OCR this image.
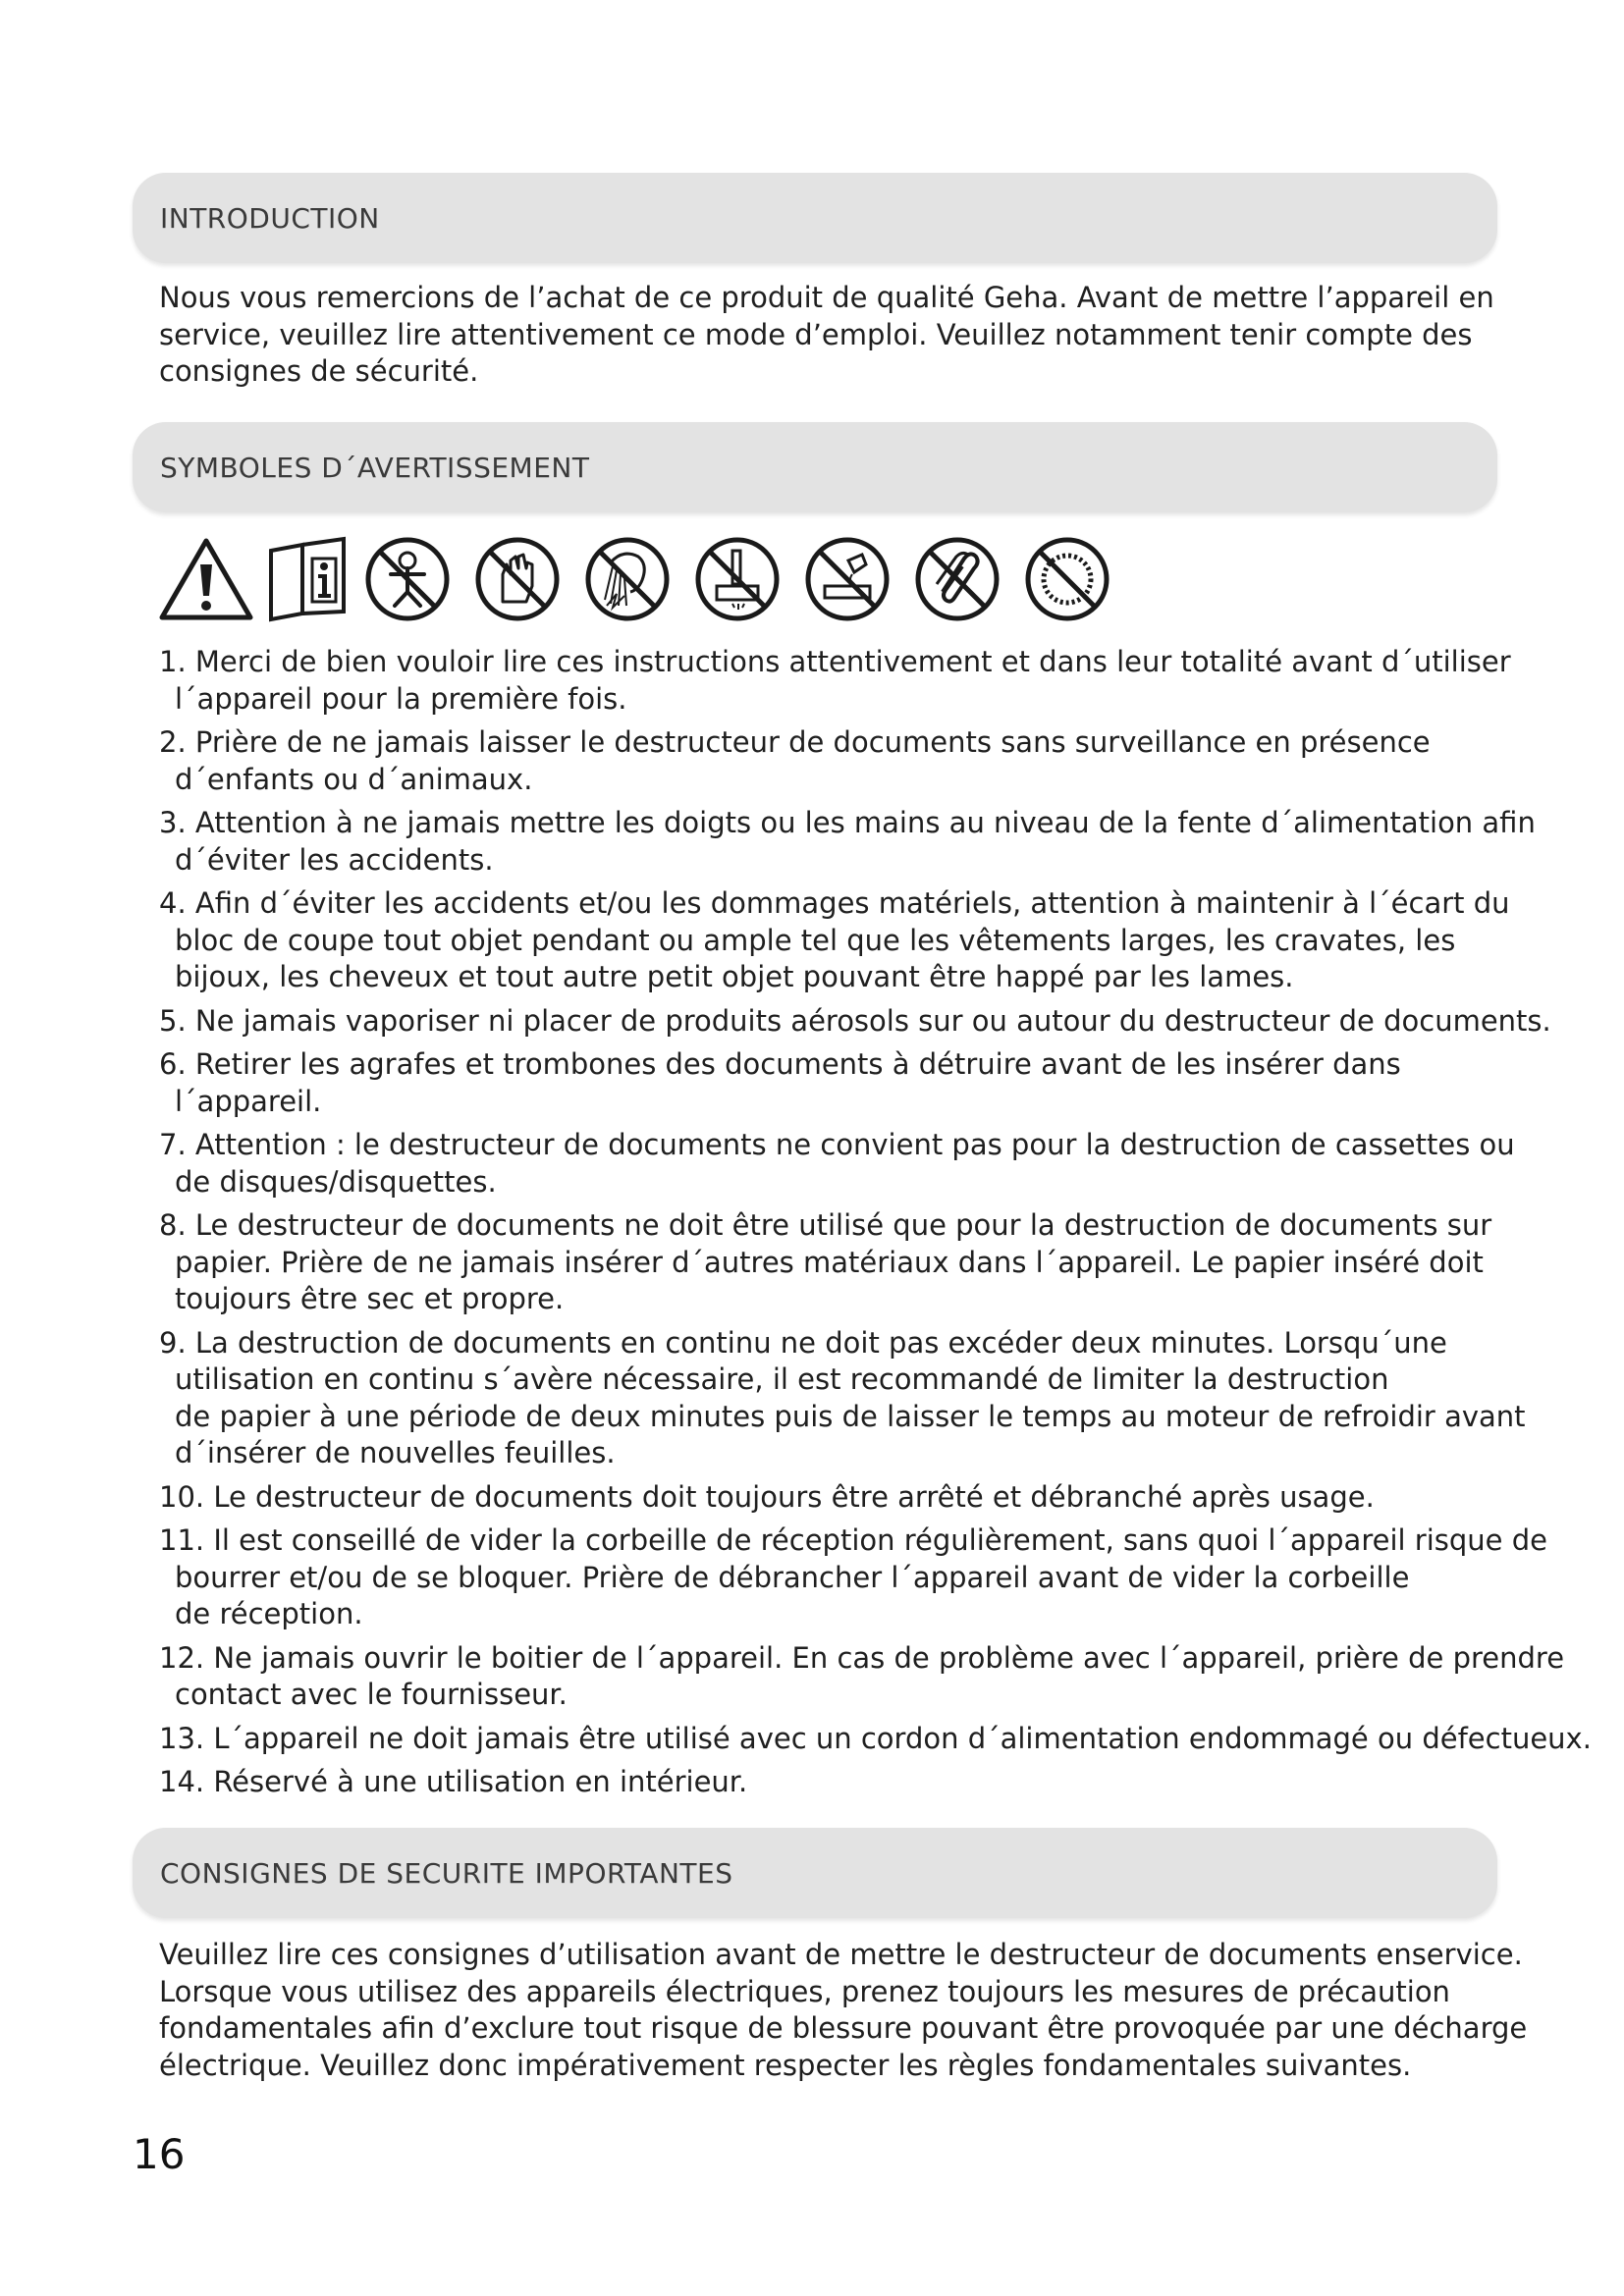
INTRODUCTION
Nous vous remercions de l’achat de ce produit de qualité Geha. Avant de mettre l’appareil en
service, veuillez lire attentivement ce mode d’emploi. Veuillez notamment tenir compte des
consignes de sécurité.
SYMBOLES D´AVERTISSEMENT
1. Merci de bien vouloir lire ces instructions attentivement et dans leur totalité avant d´utiliser
l´appareil pour la première fois.
2. Prière de ne jamais laisser le destructeur de documents sans surveillance en présence
d´enfants ou d´animaux.
3. Attention à ne jamais mettre les doigts ou les mains au niveau de la fente d´alimentation afin
d´éviter les accidents.
4. Afin d´éviter les accidents et/ou les dommages matériels, attention à maintenir à l´écart du
bloc de coupe tout objet pendant ou ample tel que les vêtements larges, les cravates, les
bijoux, les cheveux et tout autre petit objet pouvant être happé par les lames.
5. Ne jamais vaporiser ni placer de produits aérosols sur ou autour du destructeur de documents.
6. Retirer les agrafes et trombones des documents à détruire avant de les insérer dans
l´appareil.
7. Attention : le destructeur de documents ne convient pas pour la destruction de cassettes ou
de disques/disquettes.
8. Le destructeur de documents ne doit être utilisé que pour la destruction de documents sur
papier. Prière de ne jamais insérer d´autres matériaux dans l´appareil. Le papier inséré doit
toujours être sec et propre.
9. La destruction de documents en continu ne doit pas excéder deux minutes. Lorsqu´une
utilisation en continu s´avère nécessaire, il est recommandé de limiter la destruction
de papier à une période de deux minutes puis de laisser le temps au moteur de refroidir avant
d´insérer de nouvelles feuilles.
10. Le destructeur de documents doit toujours être arrêté et débranché après usage.
11. Il est conseillé de vider la corbeille de réception régulièrement, sans quoi l´appareil risque de
bourrer et/ou de se bloquer. Prière de débrancher l´appareil avant de vider la corbeille
de réception.
12. Ne jamais ouvrir le boitier de l´appareil. En cas de problème avec l´appareil, prière de prendre
contact avec le fournisseur.
13. L´appareil ne doit jamais être utilisé avec un cordon d´alimentation endommagé ou défectueux.
14. Réservé à une utilisation en intérieur.
CONSIGNES DE SECURITE IMPORTANTES
Veuillez lire ces consignes d’utilisation avant de mettre le destructeur de documents enservice.
Lorsque vous utilisez des appareils électriques, prenez toujours les mesures de précaution
fondamentales afin d’exclure tout risque de blessure pouvant être provoquée par une décharge
électrique. Veuillez donc impérativement respecter les règles fondamentales suivantes.
16
